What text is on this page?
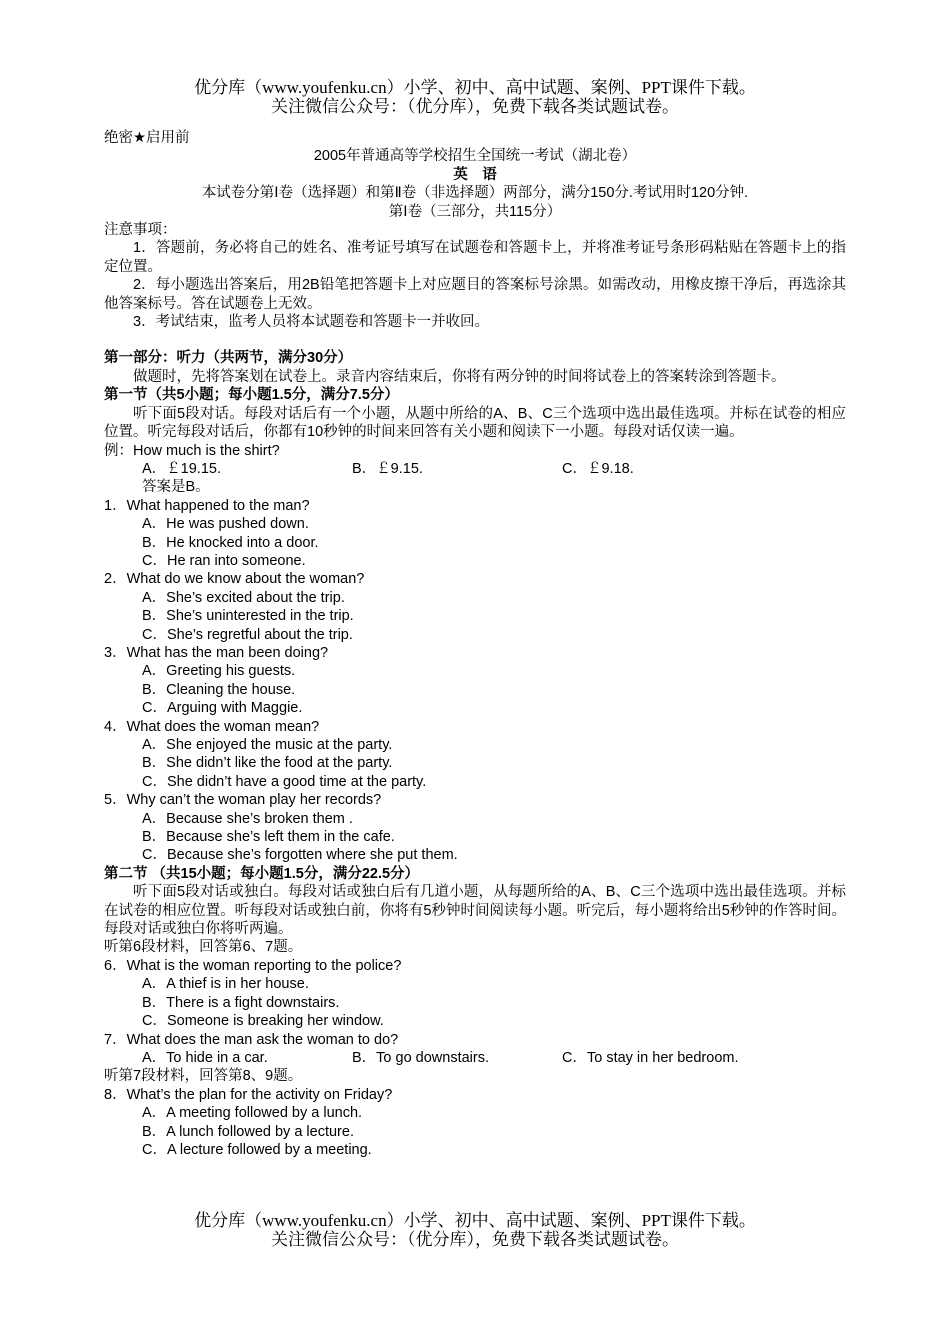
优分库（www.youfenku.cn）小学、初中、高中试题、案例、PPT课件下载。
关注微信公众号：（优分库），免费下载各类试题试卷。
绝密★启用前
2005年普通高等学校招生全国统一考试（湖北卷）
英　语
本试卷分第Ⅰ卷（选择题）和第Ⅱ卷（非选择题）两部分，满分150分.考试用时120分钟.
第Ⅰ卷（三部分，共115分）
注意事项：
1．答题前，务必将自己的姓名、准考证号填写在试题卷和答题卡上，并将准考证号条形码粘贴在答题卡上的指定位置。
2．每小题选出答案后，用2B铅笔把答题卡上对应题目的答案标号涂黑。如需改动，用橡皮擦干净后，再选涂其他答案标号。答在试题卷上无效。
3．考试结束，监考人员将本试题卷和答题卡一并收回。
第一部分：听力（共两节，满分30分）
做题时，先将答案划在试卷上。录音内容结束后，你将有两分钟的时间将试卷上的答案转涂到答题卡。
第一节（共5小题；每小题1.5分，满分7.5分）
听下面5段对话。每段对话后有一个小题，从题中所给的A、B、C三个选项中选出最佳选项。并标在试卷的相应位置。听完每段对话后，你都有10秒钟的时间来回答有关小题和阅读下一小题。每段对话仅读一遍。
例：How much is the shirt?
A．￡19.15.	B．￡9.15.	C．￡9.18.
答案是B。
1．What happened to the man?
A．He was pushed down.
B．He knocked into a door.
C．He ran into someone.
2．What do we know about the woman?
A．She’s excited about the trip.
B．She’s uninterested in the trip.
C．She’s regretful about the trip.
3．What has the man been doing?
A．Greeting his guests.
B．Cleaning the house.
C．Arguing with Maggie.
4．What does the woman mean?
A．She enjoyed the music at the party.
B．She didn’t like the food at the party.
C．She didn’t have a good time at the party.
5．Why can’t the woman play her records?
A．Because she’s broken them .
B．Because she’s left them in the cafe.
C．Because she’s forgotten where she put them.
第二节 （共15小题；每小题1.5分，满分22.5分）
听下面5段对话或独白。每段对话或独白后有几道小题，从每题所给的A、B、C三个选项中选出最佳选项。并标在试卷的相应位置。听每段对话或独白前，你将有5秒钟时间阅读每小题。听完后，每小题将给出5秒钟的作答时间。每段对话或独白你将听两遍。
听第6段材料，回答第6、7题。
6．What is the woman reporting to the police?
A．A thief is in her house.
B．There is a fight downstairs.
C．Someone is breaking her window.
7．What does the man ask the woman to do?
A．To hide in a car.	B．To go downstairs.	C．To stay in her bedroom.
听第7段材料，回答第8、9题。
8．What’s the plan for the activity on Friday?
A．A meeting followed by a lunch.
B．A lunch followed by a lecture.
C．A lecture followed by a meeting.
优分库（www.youfenku.cn）小学、初中、高中试题、案例、PPT课件下载。
关注微信公众号：（优分库），免费下载各类试题试卷。
